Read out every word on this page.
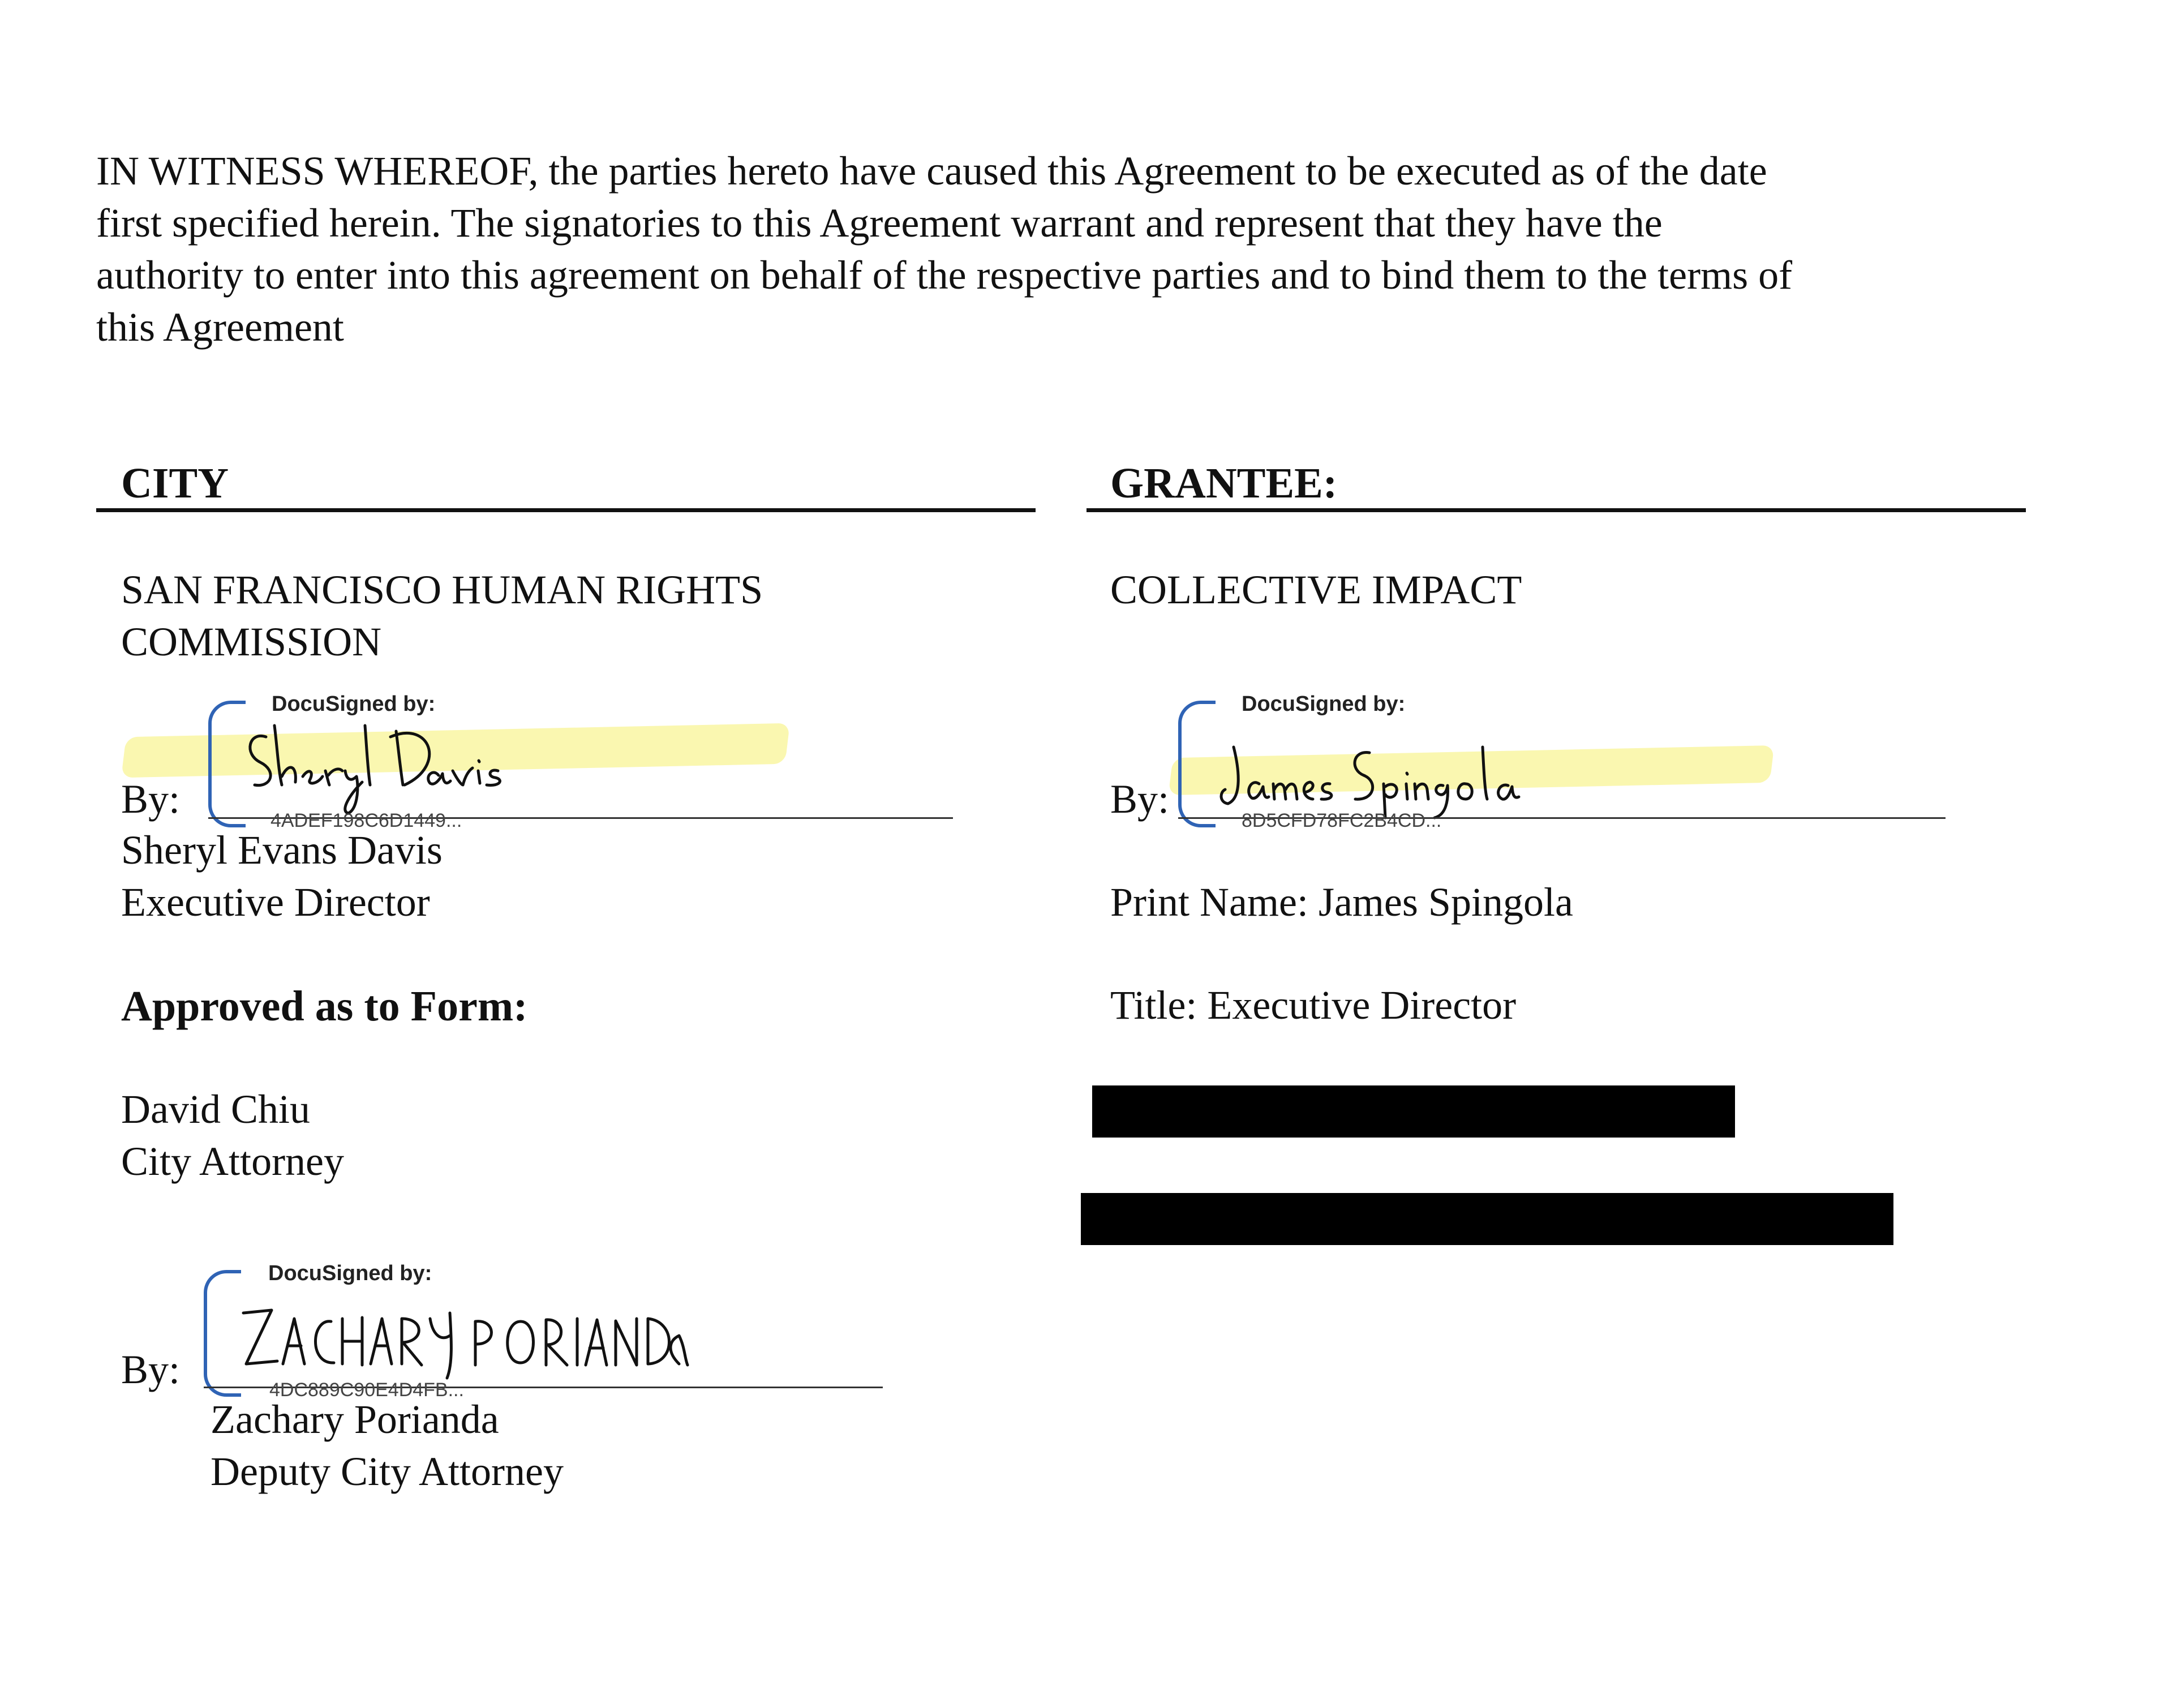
IN WITNESS WHEREOF, the parties hereto have caused this Agreement to be executed as of the date
first specified herein. The signatories to this Agreement warrant and represent that they have the
authority to enter into this agreement on behalf of the respective parties and to bind them to the terms of
this Agreement
CITY
SAN FRANCISCO HUMAN RIGHTS
COMMISSION
DocuSigned by:
By:	4ADEF198C6D1449...
Sheryl Evans Davis
Executive Director
Approved as to Form:
David Chiu
City Attorney
DocuSigned by:
By:	4DC889C90E4D4FB...
Zachary Porianda
Deputy City Attorney
GRANTEE:
COLLECTIVE IMPACT
DocuSigned by:
By:	8D5CFD78FC2B4CD...
Print Name: James Spingola
Title: Executive Director
